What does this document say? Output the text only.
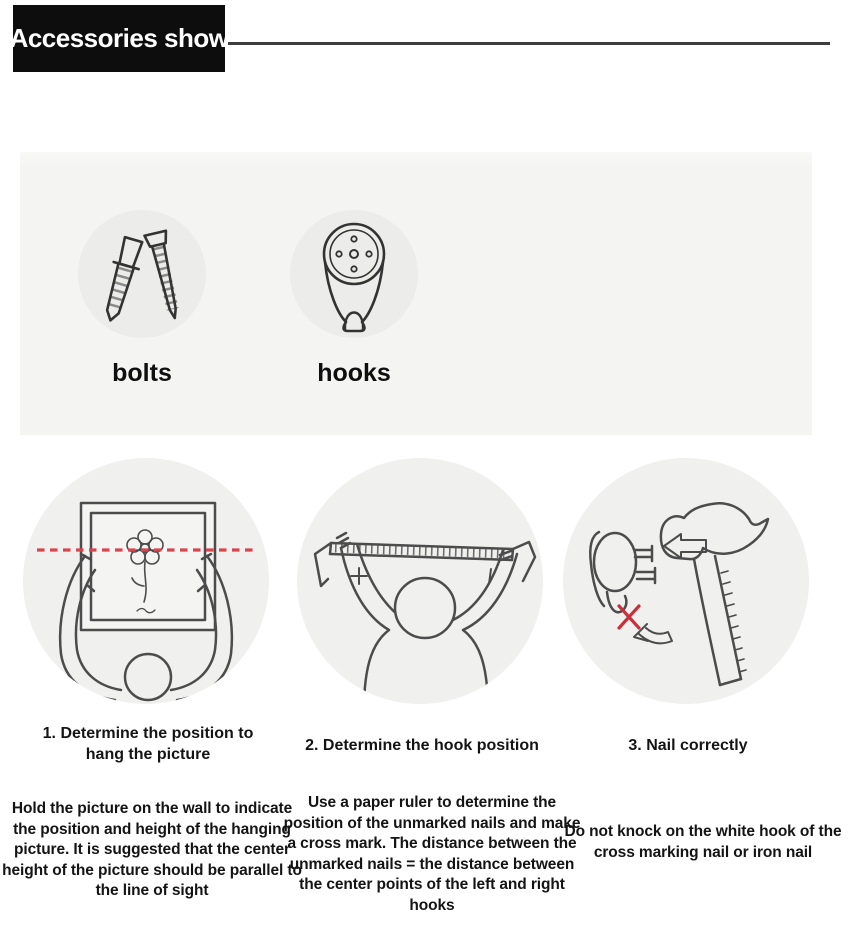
Accessories show
bolts	hooks
1. Determine the position to hang the picture
2. Determine the hook position	3. Nail correctly
Hold the picture on the wall to indicate the position and height of the hanging picture. It is suggested that the center height of the picture should be parallel to the line of sight
Use a paper ruler to determine the position of the unmarked nails and make a cross mark. The distance between the unmarked nails = the distance between the center points of the left and right hooks
Do not knock on the white hook of the cross marking nail or iron nail
